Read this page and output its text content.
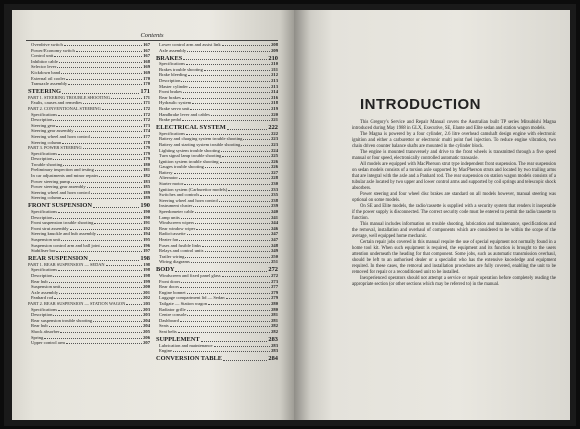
Contents
Overdrive switch	167
Power/Economy switch	167
Control unit	167
Inhibitor cable	168
Selector lever	169
Kickdown band	169
External oil cooler	170
Transaxle assembly	170
STEERING	171
PART 1. STEERING TROUBLE SHOOTING	171
Faults, causes and remedies	171
PART 2. CONVENTIONAL STEERING	172
Specifications	172
Description	172
Steering gear	173
Steering gear assembly	174
Steering wheel and horn control	177
Steering column	178
PART 3. POWER STEERING	179
Specifications	179
Description	179
Trouble shooting	180
Preliminary inspection and testing	181
In car adjustments and minor repairs	182
Power steering pump	183
Power steering gear assembly	185
Steering wheel and horn control	189
Steering column	189
FRONT SUSPENSION	190
Specifications	190
Description	190
Front suspension trouble shooting	191
Front strut assembly	192
Steering knuckle and hub assembly	194
Suspension unit	195
Suspension control arm and ball joint	196
Stabiliser bar	197
REAR SUSPENSION	198
PART 1. REAR SUSPENSION — SEDAN	198
Specifications	198
Description	198
Rear hub	199
Suspension unit	200
Axle assembly	201
Panhard rod	202
PART 2. REAR SUSPENSION — STATION WAGON	203
Specifications	203
Description	203
Rear suspension trouble shooting	204
Rear hub	204
Shock absorber	205
Spring	206
Upper control arm	207
Lower control arm and assist link	208
Axle assembly	209
BRAKES	210
Specifications	210
Brakes trouble shooting	211
Brake bleeding	212
Description	213
Master cylinder	213
Front brakes	214
Rear brakes	216
Hydraulic system	218
Brake servo unit	219
Handbrake lever and cables	220
Brake pedal	221
ELECTRICAL SYSTEM	222
Specifications	222
Battery and charging system trouble shooting	223
Battery and starting system trouble shooting	223
Lighting system trouble shooting	224
Turn signal lamp trouble shooting	225
Ignition system trouble shooting	226
Gauges trouble shooting	226
Battery	227
Alternator	228
Starter motor	230
Ignition system (Carburettor models)	233
Switches and controls	235
Steering wheel and horn control	238
Instrument cluster	239
Speedometer cable	240
Lamp units	241
Windscreen wipers	244
Rear window wiper	246
Radio/cassette	247
Heater fan	247
Fuses and fusible links	248
Relays and control units	249
Trailer wiring	250
Wiring diagrams	251
BODY	272
Windscreen and fixed panel glass	272
Front doors	273
Rear doors	277
Engine bonnet	279
Luggage compartment lid — Sedan	279
Tailgate — Station wagon	280
Radiator grille	280
Centre console	281
Dashboard	281
Seats	282
Seat belts	282
SUPPLEMENT	283
Lubrication and maintenance	283
Engine	283
CONVERSION TABLE	284
INTRODUCTION

This Gregory's Service and Repair Manual covers the Australian built TP series Mitsubishi Magna introduced during May 1988 in GLX, Executive, SE, Elante and Elite sedan and station wagon models.

The Magna is powered by a four cylinder, 2.6 litre overhead camshaft design engine with electronic ignition and either a carburettor or electronic multi point fuel injection. To reduce engine vibration, two chain driven counter balance shafts are mounted in the cylinder block.

The engine is mounted transversely and drive to the front wheels is transmitted through a five speed manual or four speed, electronically controlled automatic transaxle.

All models are equipped with MacPherson strut type independent front suspension. The rear suspension on sedan models consists of a torsion axle supported by MacPherson struts and located by two trailing arms that are integral with the axle and a Panhard rod. The rear suspension on station wagon models consists of a tubular axle located by two upper and lower control arms and supported by coil springs and telescopic shock absorbers.

Power steering and four wheel disc brakes are standard on all models however, manual steering was optional on some models.

On SE and Elite models, the radio/cassette is supplied with a security system that renders it inoperable if the power supply is disconnected. The correct security code must be entered to permit the radio/cassette to function.

This manual includes information on trouble shooting, lubrication and maintenance, specifications and the removal, installation and overhaul of components which are considered to be within the scope of the average, well equipped home mechanic.

Certain repair jobs covered in this manual require the use of special equipment not normally found in a home tool kit. When such equipment is required, the equipment and its function is brought to the users attention underneath the heading for that component. Some jobs, such as automatic transmission overhaul, should be left to an authorised dealer or a specialist who has the extensive knowledge and equipment required. In these cases, the removal and installation procedures are fully covered, enabling the unit to be removed for repair or a reconditioned unit to be installed.

Inexperienced operators should not attempt a service or repair operation before completely reading the appropriate section (or other sections which may be referred to) in the manual.
